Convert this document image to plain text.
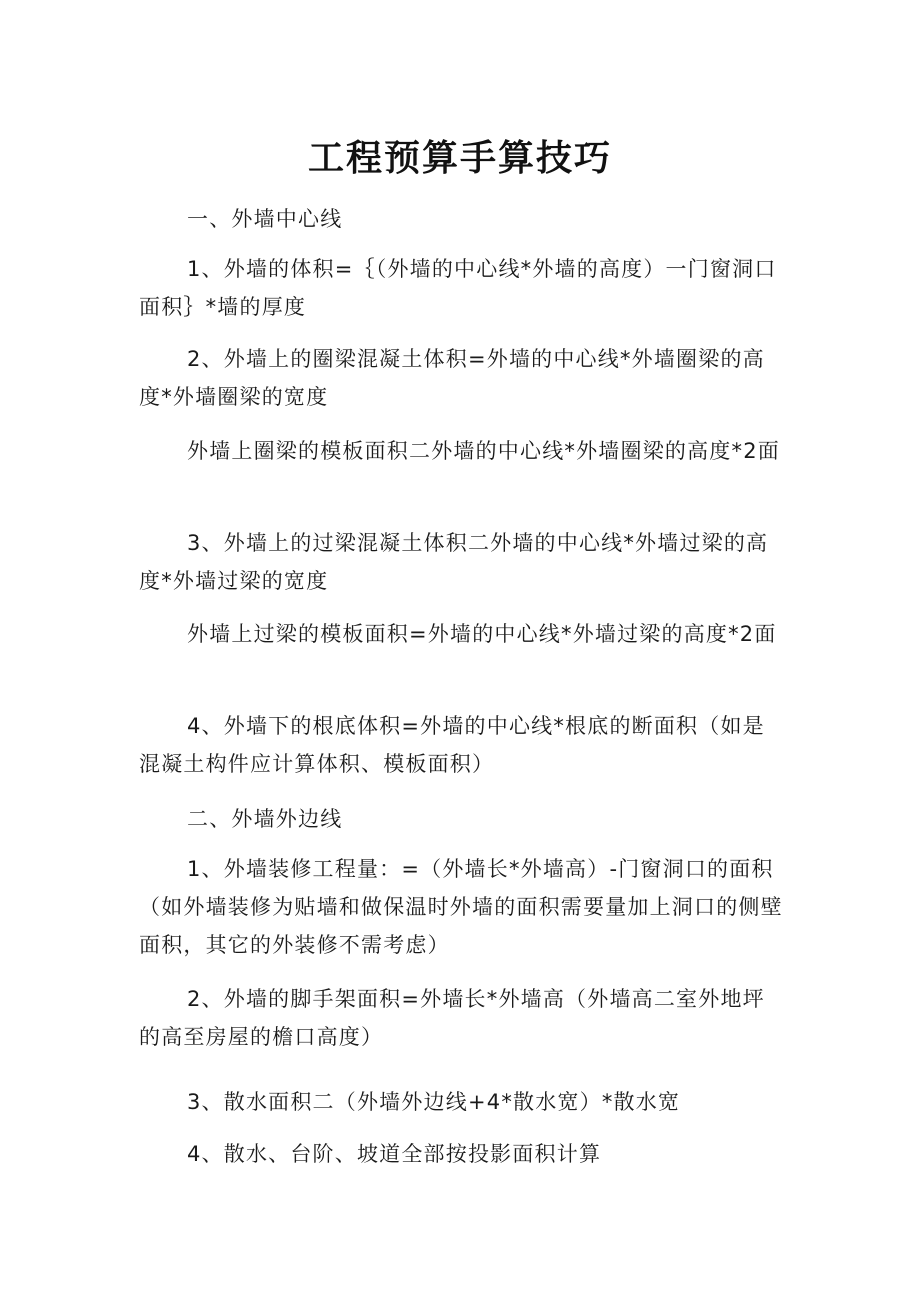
工程预算手算技巧

一、外墙中心线

1、外墙的体积=｛（外墙的中心线*外墙的高度）一门窗洞口面积｝*墙的厚度

2、外墙上的圈梁混凝土体积=外墙的中心线*外墙圈梁的高度*外墙圈梁的宽度

外墙上圈梁的模板面积二外墙的中心线*外墙圈梁的高度*2面

3、外墙上的过梁混凝土体积二外墙的中心线*外墙过梁的高度*外墙过梁的宽度

外墙上过梁的模板面积=外墙的中心线*外墙过梁的高度*2面

4、外墙下的根底体积=外墙的中心线*根底的断面积（如是混凝土构件应计算体积、模板面积）

二、外墙外边线

1、外墙装修工程量：=（外墙长*外墙高）-门窗洞口的面积（如外墙装修为贴墙和做保温时外墙的面积需要量加上洞口的侧壁面积，其它的外装修不需考虑）

2、外墙的脚手架面积=外墙长*外墙高（外墙高二室外地坪的高至房屋的檐口高度）

3、散水面积二（外墙外边线+4*散水宽）*散水宽

4、散水、台阶、坡道全部按投影面积计算
